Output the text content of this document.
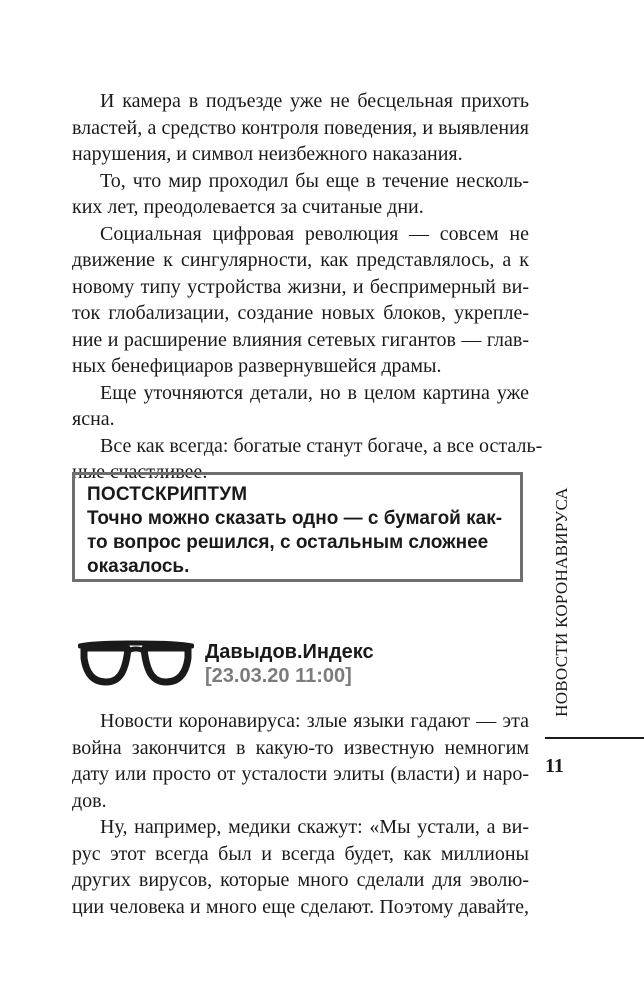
И камера в подъезде уже не бесцельная прихоть
властей, а средство контроля поведения, и выявления
нарушения, и символ неизбежного наказания.
То, что мир проходил бы еще в течение несколь-
ких лет, преодолевается за считаные дни.
Социальная цифровая революция — совсем не
движение к сингулярности, как представлялось, а к
новому типу устройства жизни, и беспримерный ви-
ток глобализации, создание новых блоков, укрепле-
ние и расширение влияния сетевых гигантов — глав-
ных бенефициаров развернувшейся драмы.
Еще уточняются детали, но в целом картина уже
ясна.
Все как всегда: богатые станут богаче, а все осталь-
ные счастливее.
ПОСТСКРИПТУМ
Точно можно сказать одно — с бумагой как-
то вопрос решился, с остальным сложнее
оказалось.
Давыдов.Индекс
[23.03.20 11:00]
Новости коронавируса: злые языки гадают — эта
война закончится в какую-то известную немногим
дату или просто от усталости элиты (власти) и наро-
дов.
Ну, например, медики скажут: «Мы устали, а ви-
рус этот всегда был и всегда будет, как миллионы
других вирусов, которые много сделали для эволю-
ции человека и много еще сделают. Поэтому давайте,
НОВОСТИ КОРОНАВИРУСА
11
